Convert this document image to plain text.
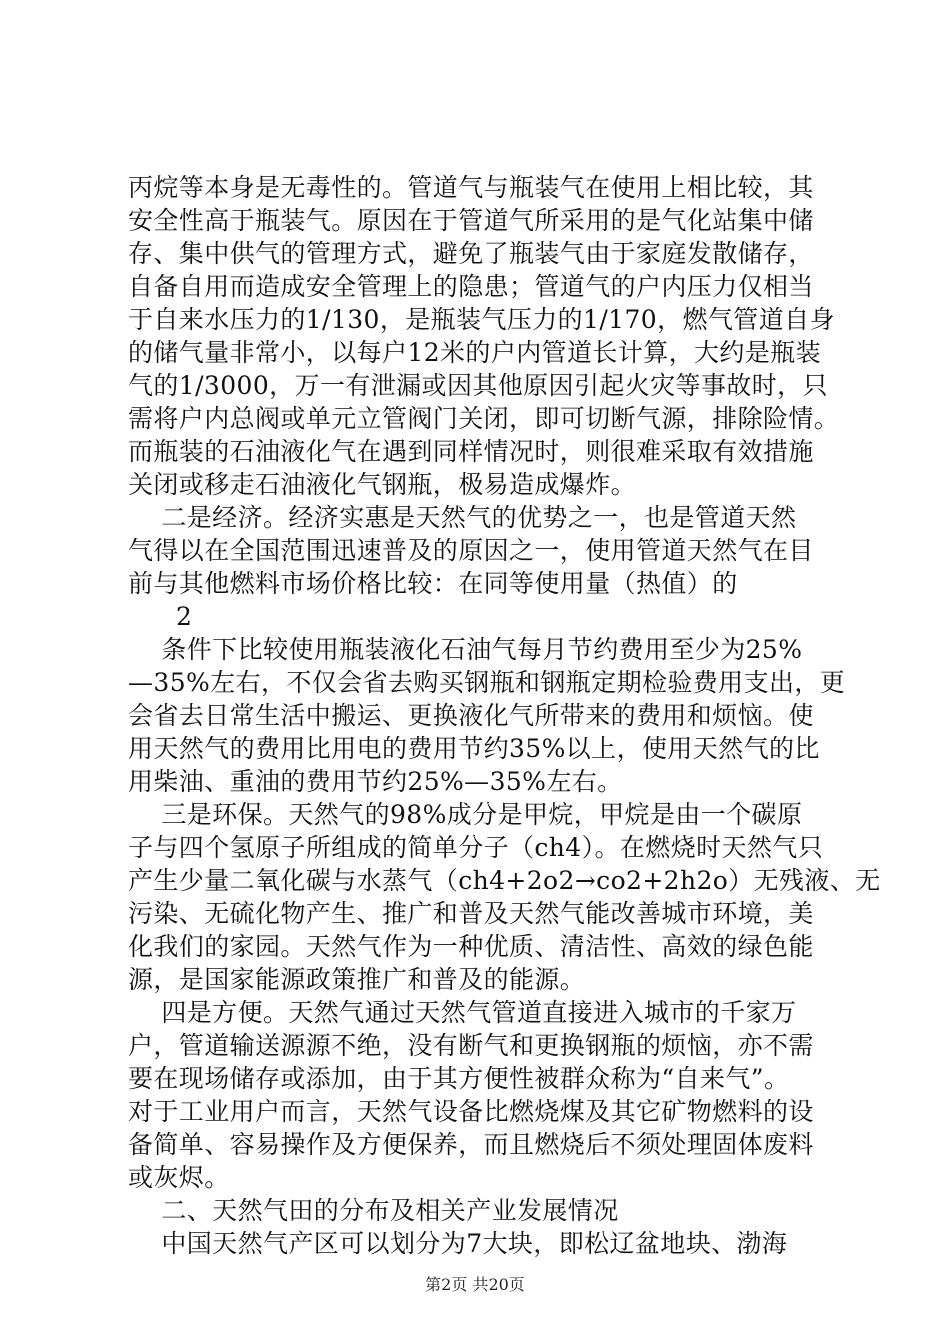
丙烷等本身是无毒性的。管道气与瓶装气在使用上相比较，其
安全性高于瓶装气。原因在于管道气所采用的是气化站集中储
存、集中供气的管理方式，避免了瓶装气由于家庭发散储存，
自备自用而造成安全管理上的隐患；管道气的户内压力仅相当
于自来水压力的1/130，是瓶装气压力的1/170，燃气管道自身
的储气量非常小，以每户12米的户内管道长计算，大约是瓶装
气的1/3000，万一有泄漏或因其他原因引起火灾等事故时，只
需将户内总阀或单元立管阀门关闭，即可切断气源，排除险情。
而瓶装的石油液化气在遇到同样情况时，则很难采取有效措施
关闭或移走石油液化气钢瓶，极易造成爆炸。
二是经济。经济实惠是天然气的优势之一，也是管道天然
气得以在全国范围迅速普及的原因之一，使用管道天然气在目
前与其他燃料市场价格比较：在同等使用量（热值）的
2
条件下比较使用瓶装液化石油气每月节约费用至少为25%
—35%左右，不仅会省去购买钢瓶和钢瓶定期检验费用支出，更
会省去日常生活中搬运、更换液化气所带来的费用和烦恼。使
用天然气的费用比用电的费用节约35%以上，使用天然气的比
用柴油、重油的费用节约25%—35%左右。
三是环保。天然气的98%成分是甲烷，甲烷是由一个碳原
子与四个氢原子所组成的简单分子（ch4）。在燃烧时天然气只
产生少量二氧化碳与水蒸气（ch4+2o2→co2+2h2o）无残液、无
污染、无硫化物产生、推广和普及天然气能改善城市环境，美
化我们的家园。天然气作为一种优质、清洁性、高效的绿色能
源，是国家能源政策推广和普及的能源。
四是方便。天然气通过天然气管道直接进入城市的千家万
户，管道输送源源不绝，没有断气和更换钢瓶的烦恼，亦不需
要在现场储存或添加，由于其方便性被群众称为“自来气”。
对于工业用户而言，天然气设备比燃烧煤及其它矿物燃料的设
备简单、容易操作及方便保养，而且燃烧后不须处理固体废料
或灰烬。
二、天然气田的分布及相关产业发展情况
中国天然气产区可以划分为7大块，即松辽盆地块、渤海
第2页 共20页
